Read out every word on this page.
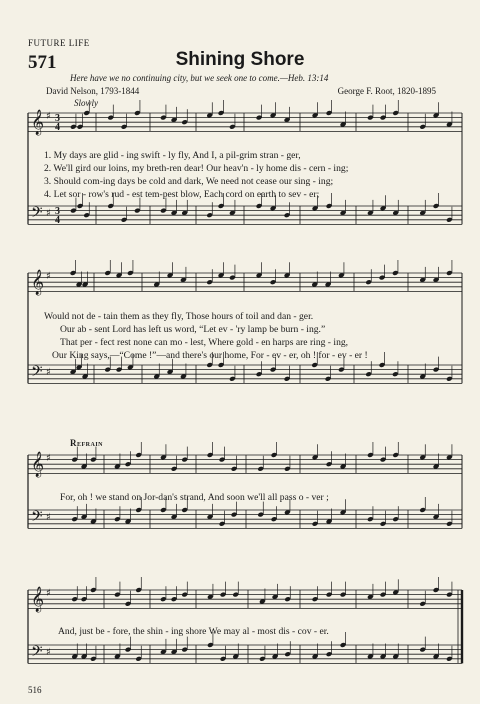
FUTURE LIFE
571	Shining Shore
Here have we no continuing city, but we seek one to come.—Heb. 13:14
David Nelson, 1793-1844	George F. Root, 1820-1895
Slowly
Refrain
1. My days are glid - ing swift - ly fly, And I, a pil-grim stran - ger,
2. We'll gird our loins, my breth-ren dear! Our heav'n - ly home dis - cern - ing;
3. Should com-ing days be cold and dark, We need not cease our sing - ing;
4. Let sor - row's rud - est tem-pest blow, Each cord on earth to sev - er;
Would not de - tain them as they fly, Those hours of toil and dan - ger.
Our ab - sent Lord has left us word, “Let ev - 'ry lamp be burn - ing.”
That per - fect rest none can mo - lest, Where gold - en harps are ring - ing,
Our King says,—“Come !”—and there's our home, For - ev - er, oh ! for - ev - er !
For, oh ! we stand on Jor-dan's strand, And soon we'll all pass o - ver ;
And, just be - fore, the shin - ing shore We may al - most dis - cov - er.
516
𝄞
𝄢
♯
♯
3
4
3
4
𝄞
𝄢
♯
♯
𝄞
𝄢
♯
♯
𝄞
𝄢
♯
♯
